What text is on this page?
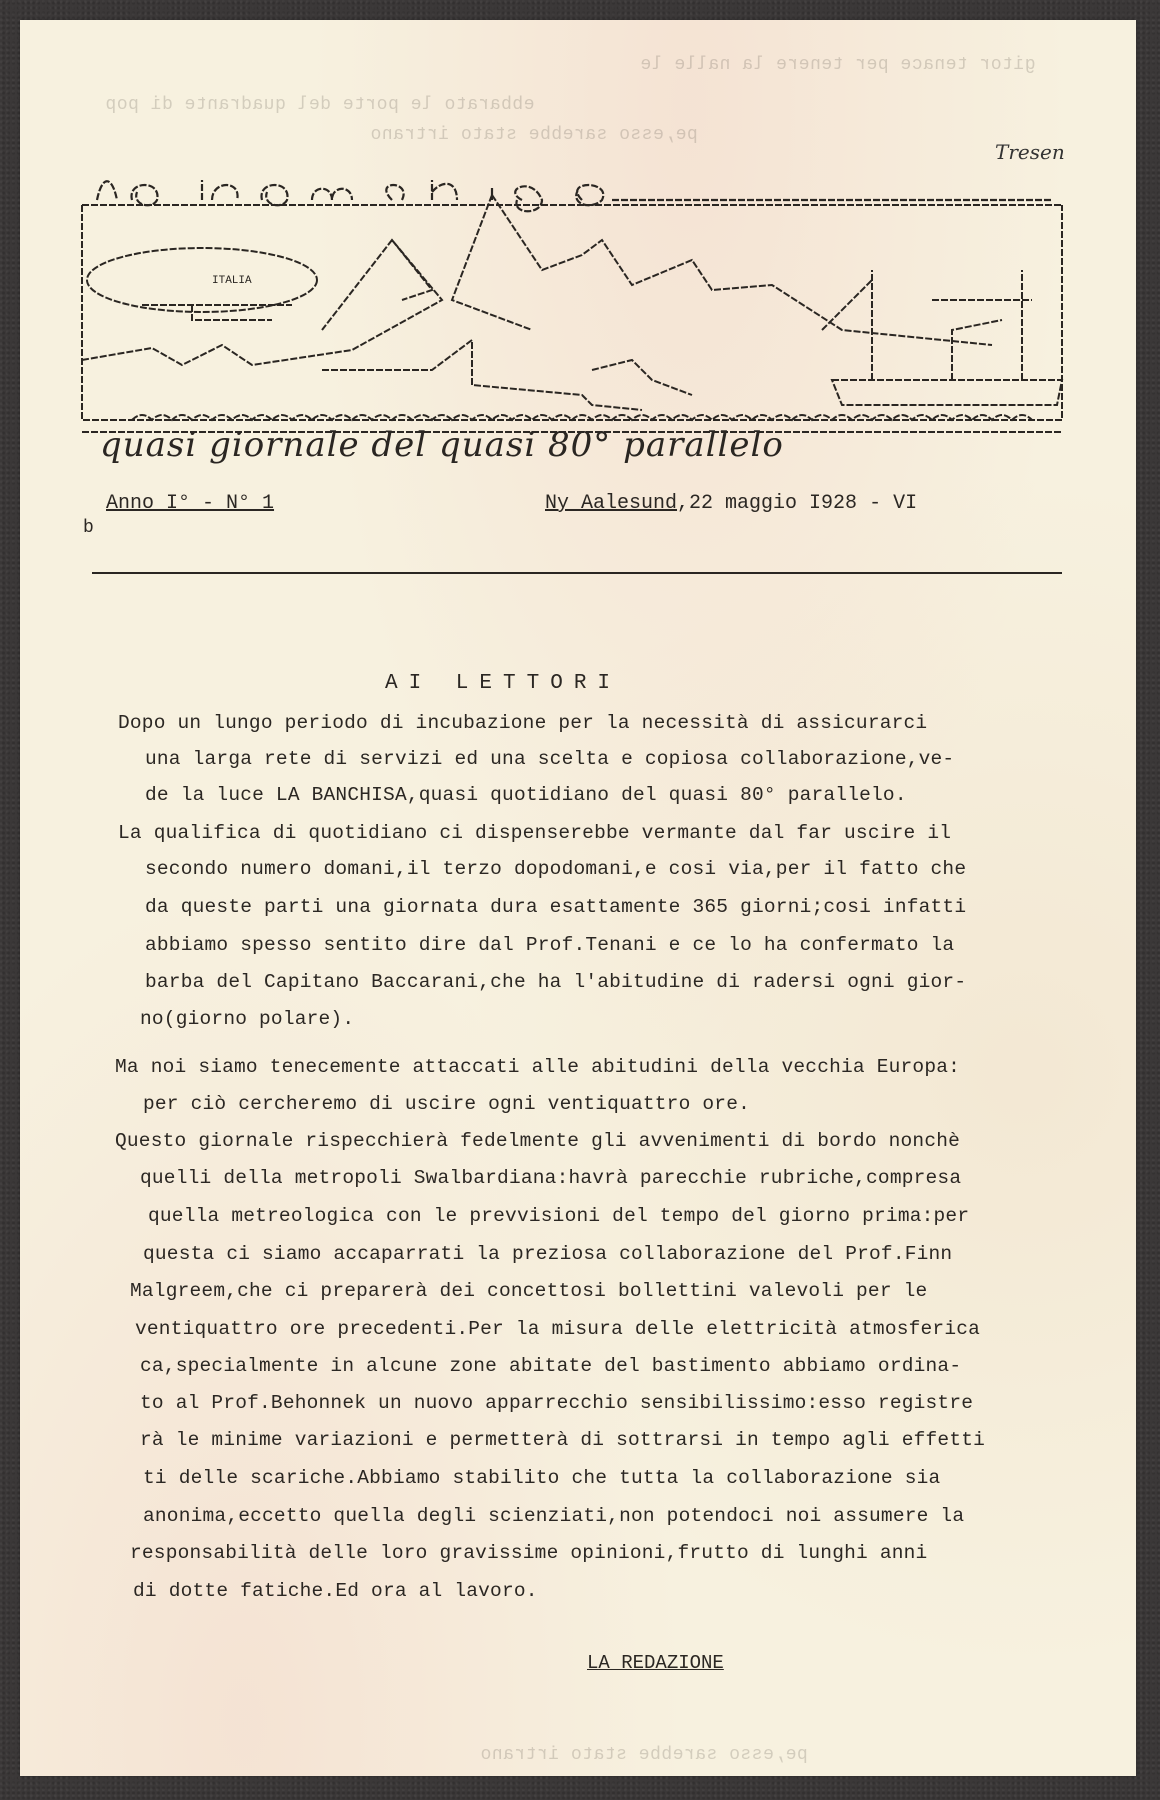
ebbarato le porte del quadrante di pop
pe,esso sarebbe stato irtrano
gitor tenace per tenere la nalle le
pe,esso sarebbe stato irtrano
Tresen
ITALIA
quasi giornale del quasi 80° parallelo
Anno I° - N° 1	Ny Aalesund,22 maggio I928 - VI
b
AI LETTORI
Dopo un lungo periodo di incubazione per la necessità di assicurarci
una larga rete di servizi ed una scelta e copiosa collaborazione,ve-
de la luce LA BANCHISA,quasi quotidiano del quasi 80° parallelo.
La qualifica di quotidiano ci dispenserebbe vermante dal far uscire il
secondo numero domani,il terzo dopodomani,e cosi via,per il fatto che
da queste parti una giornata dura esattamente 365 giorni;cosi infatti
abbiamo spesso sentito dire dal Prof.Tenani e ce lo ha confermato la
barba del Capitano Baccarani,che ha l'abitudine di radersi ogni gior-
no(giorno polare).
Ma noi siamo tenecemente attaccati alle abitudini della vecchia Europa:
per ciò cercheremo di uscire ogni ventiquattro ore.
Questo giornale rispecchierà fedelmente gli avvenimenti di bordo nonchè
quelli della metropoli Swalbardiana:havrà parecchie rubriche,compresa
quella metreologica con le prevvisioni del tempo del giorno prima:per
questa ci siamo accaparrati la preziosa collaborazione del Prof.Finn
Malgreem,che ci preparerà dei concettosi bollettini valevoli per le
ventiquattro ore precedenti.Per la misura delle elettricità atmosferica
ca,specialmente in alcune zone abitate del bastimento abbiamo ordina-
to al Prof.Behonnek un nuovo apparrecchio sensibilissimo:esso registre
rà le minime variazioni e permetterà di sottrarsi in tempo agli effetti
ti delle scariche.Abbiamo stabilito che tutta la collaborazione sia
anonima,eccetto quella degli scienziati,non potendoci noi assumere la
responsabilità delle loro gravissime opinioni,frutto di lunghi anni
di dotte fatiche.Ed ora al lavoro.
LA REDAZIONE
